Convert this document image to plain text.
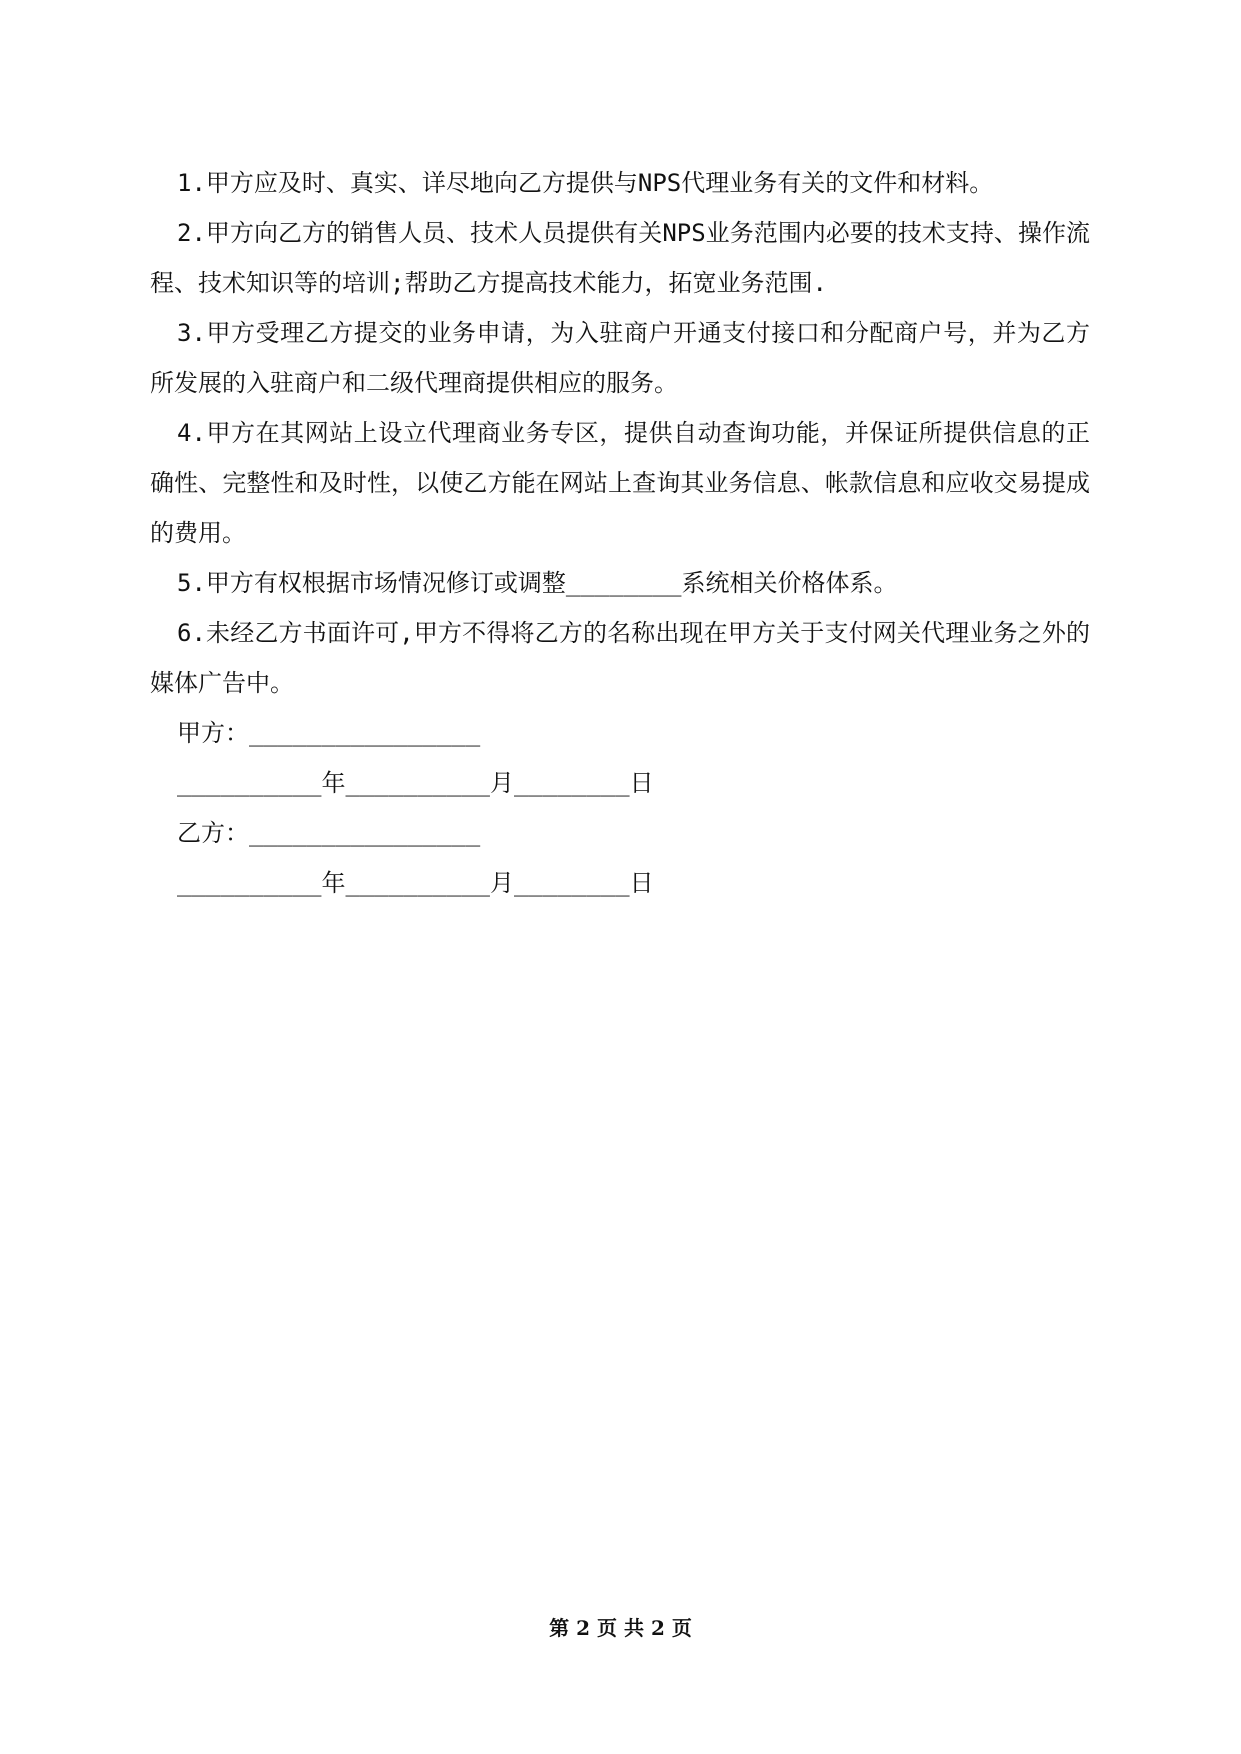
1.甲方应及时、真实、详尽地向乙方提供与NPS代理业务有关的文件和材料。

2.甲方向乙方的销售人员、技术人员提供有关NPS业务范围内必要的技术支持、操作流程、技术知识等的培训;帮助乙方提高技术能力，拓宽业务范围.

3.甲方受理乙方提交的业务申请，为入驻商户开通支付接口和分配商户号，并为乙方所发展的入驻商户和二级代理商提供相应的服务。

4.甲方在其网站上设立代理商业务专区，提供自动查询功能，并保证所提供信息的正确性、完整性和及时性，以使乙方能在网站上查询其业务信息、帐款信息和应收交易提成的费用。

5.甲方有权根据市场情况修订或调整________系统相关价格体系。

6.未经乙方书面许可,甲方不得将乙方的名称出现在甲方关于支付网关代理业务之外的媒体广告中。

甲方：________________

__________年__________月________日

乙方：________________

__________年__________月________日

第 2 页 共 2 页
